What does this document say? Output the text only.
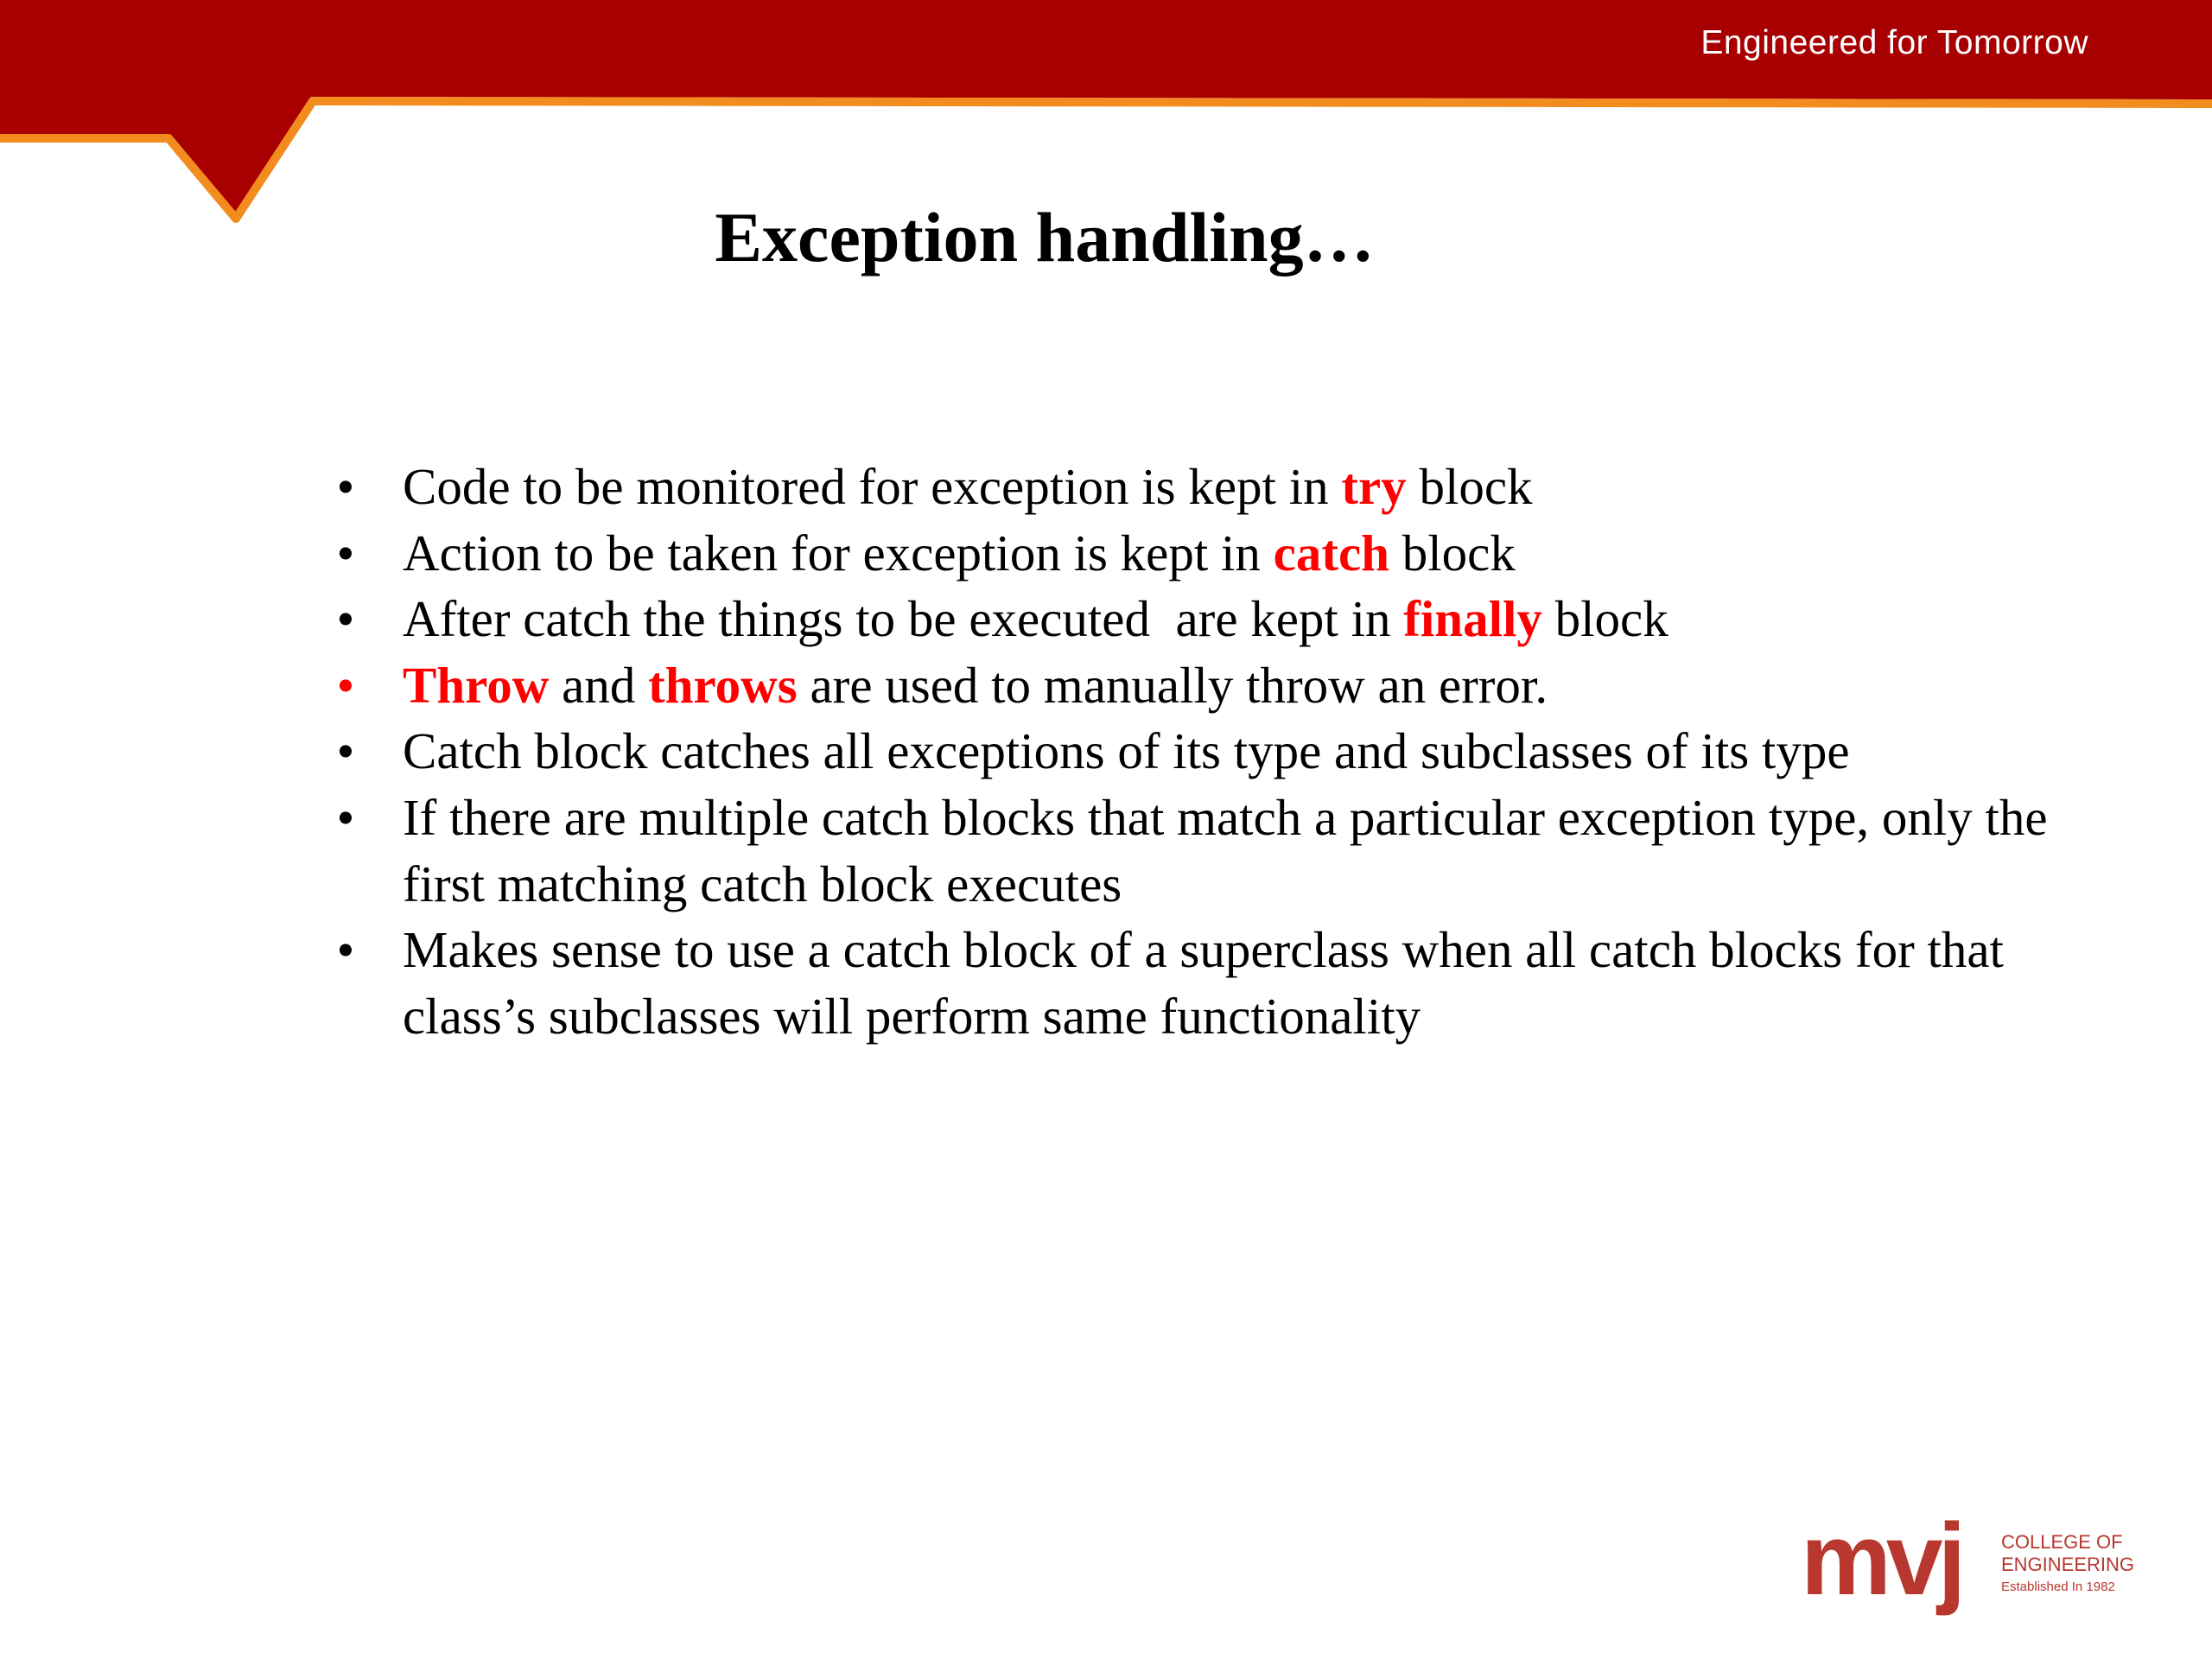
Engineered for Tomorrow
Exception handling…
• Code to be monitored for exception is kept in try block
• Action to be taken for exception is kept in catch block
• After catch the things to be executed  are kept in finally block
• Throw and throws are used to manually throw an error.
• Catch block catches all exceptions of its type and subclasses of its type
• If there are multiple catch blocks that match a particular exception type, only the first matching catch block executes
• Makes sense to use a catch block of a superclass when all catch blocks for that class’s subclasses will perform same functionality
mvj COLLEGE OF
ENGINEERING
Established In 1982
